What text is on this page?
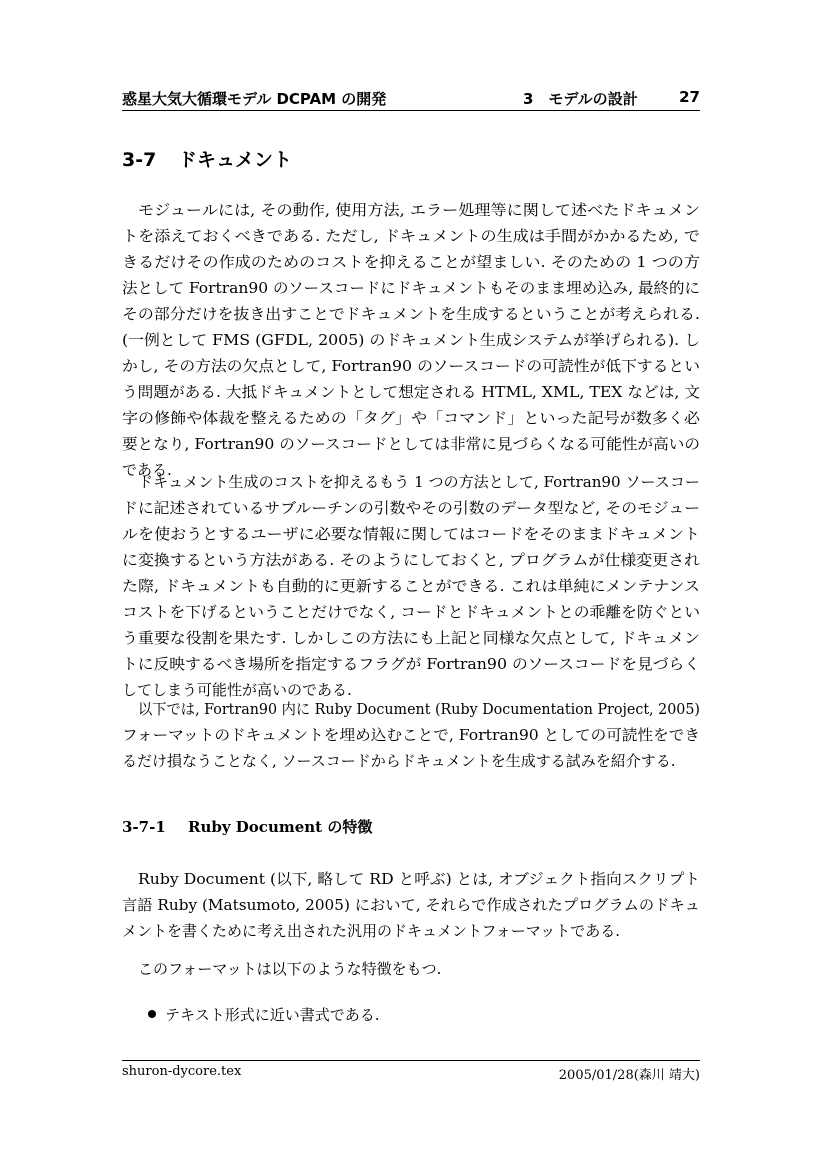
惑星大気大循環モデル DCPAM の開発	3　モデルの設計	27
3-7 ドキュメント
モジュールには, その動作, 使用方法, エラー処理等に関して述べたドキュメン
トを添えておくべきである. ただし, ドキュメントの生成は手間がかかるため, で
きるだけその作成のためのコストを抑えることが望ましい. そのための 1 つの方
法として Fortran90 のソースコードにドキュメントもそのまま埋め込み, 最終的に
その部分だけを抜き出すことでドキュメントを生成するということが考えられる.
(一例として FMS (GFDL, 2005) のドキュメント生成システムが挙げられる). し
かし, その方法の欠点として, Fortran90 のソースコードの可読性が低下するとい
う問題がある. 大抵ドキュメントとして想定される HTML, XML, TEX などは, 文
字の修飾や体裁を整えるための「タグ」や「コマンド」といった記号が数多く必
要となり, Fortran90 のソースコードとしては非常に見づらくなる可能性が高いの
である.
ドキュメント生成のコストを抑えるもう 1 つの方法として, Fortran90 ソースコー
ドに記述されているサブルーチンの引数やその引数のデータ型など, そのモジュー
ルを使おうとするユーザに必要な情報に関してはコードをそのままドキュメント
に変換するという方法がある. そのようにしておくと, プログラムが仕様変更され
た際, ドキュメントも自動的に更新することができる. これは単純にメンテナンス
コストを下げるということだけでなく, コードとドキュメントとの乖離を防ぐとい
う重要な役割を果たす. しかしこの方法にも上記と同様な欠点として, ドキュメン
トに反映するべき場所を指定するフラグが Fortran90 のソースコードを見づらく
してしまう可能性が高いのである.
以下では, Fortran90 内に Ruby Document (Ruby Documentation Project, 2005)
フォーマットのドキュメントを埋め込むことで, Fortran90 としての可読性をでき
るだけ損なうことなく, ソースコードからドキュメントを生成する試みを紹介する.
3-7-1 Ruby Document の特徴
Ruby Document (以下, 略して RD と呼ぶ) とは, オブジェクト指向スクリプト
言語 Ruby (Matsumoto, 2005) において, それらで作成されたプログラムのドキュ
メントを書くために考え出された汎用のドキュメントフォーマットである.
このフォーマットは以下のような特徴をもつ.
テキスト形式に近い書式である.
shuron-dycore.tex	2005/01/28(森川 靖大)
